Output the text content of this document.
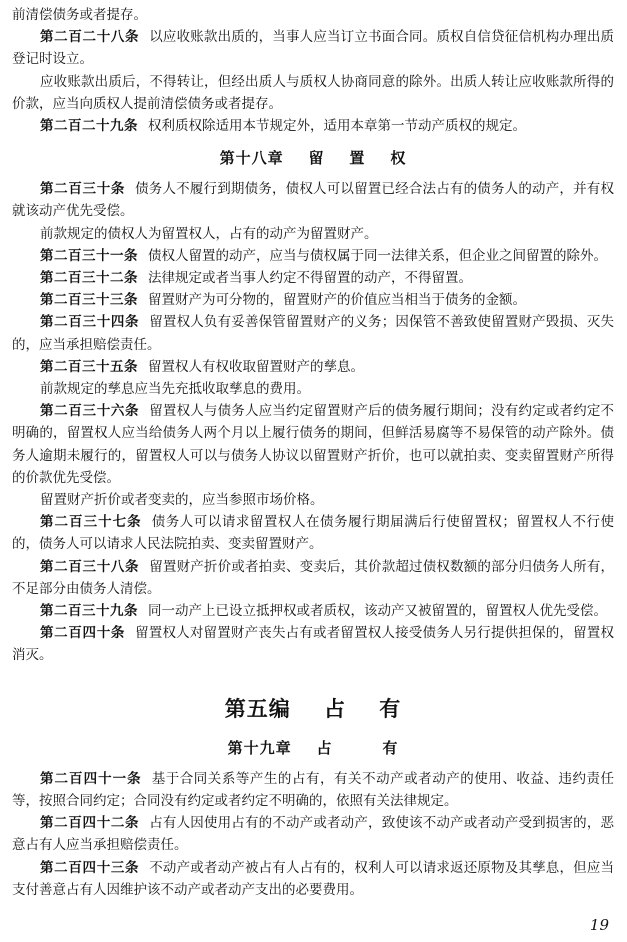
前清偿债务或者提存。

第二百二十八条 以应收账款出质的，当事人应当订立书面合同。质权自信贷征信机构办理出质登记时设立。

应收账款出质后，不得转让，但经出质人与质权人协商同意的除外。出质人转让应收账款所得的价款，应当向质权人提前清偿债务或者提存。

第二百二十九条 权利质权除适用本节规定外，适用本章第一节动产质权的规定。

第十八章    留    置    权

第二百三十条 债务人不履行到期债务，债权人可以留置已经合法占有的债务人的动产，并有权就该动产优先受偿。

前款规定的债权人为留置权人，占有的动产为留置财产。

第二百三十一条 债权人留置的动产，应当与债权属于同一法律关系，但企业之间留置的除外。

第二百三十二条 法律规定或者当事人约定不得留置的动产，不得留置。

第二百三十三条 留置财产为可分物的，留置财产的价值应当相当于债务的金额。

第二百三十四条 留置权人负有妥善保管留置财产的义务；因保管不善致使留置财产毁损、灭失的，应当承担赔偿责任。

第二百三十五条 留置权人有权收取留置财产的孳息。

前款规定的孳息应当先充抵收取孳息的费用。

第二百三十六条 留置权人与债务人应当约定留置财产后的债务履行期间；没有约定或者约定不明确的，留置权人应当给债务人两个月以上履行债务的期间，但鲜活易腐等不易保管的动产除外。债务人逾期未履行的，留置权人可以与债务人协议以留置财产折价，也可以就拍卖、变卖留置财产所得的价款优先受偿。

留置财产折价或者变卖的，应当参照市场价格。

第二百三十七条 债务人可以请求留置权人在债务履行期届满后行使留置权；留置权人不行使的，债务人可以请求人民法院拍卖、变卖留置财产。

第二百三十八条 留置财产折价或者拍卖、变卖后，其价款超过债权数额的部分归债务人所有，不足部分由债务人清偿。

第二百三十九条 同一动产上已设立抵押权或者质权，该动产又被留置的，留置权人优先受偿。

第二百四十条 留置权人对留置财产丧失占有或者留置权人接受债务人另行提供担保的，留置权消灭。

第五编    占    有
第十九章    占        有

第二百四十一条 基于合同关系等产生的占有，有关不动产或者动产的使用、收益、违约责任等，按照合同约定；合同没有约定或者约定不明确的，依照有关法律规定。

第二百四十二条 占有人因使用占有的不动产或者动产，致使该不动产或者动产受到损害的，恶意占有人应当承担赔偿责任。

第二百四十三条 不动产或者动产被占有人占有的，权利人可以请求返还原物及其孳息，但应当支付善意占有人因维护该不动产或者动产支出的必要费用。

19
